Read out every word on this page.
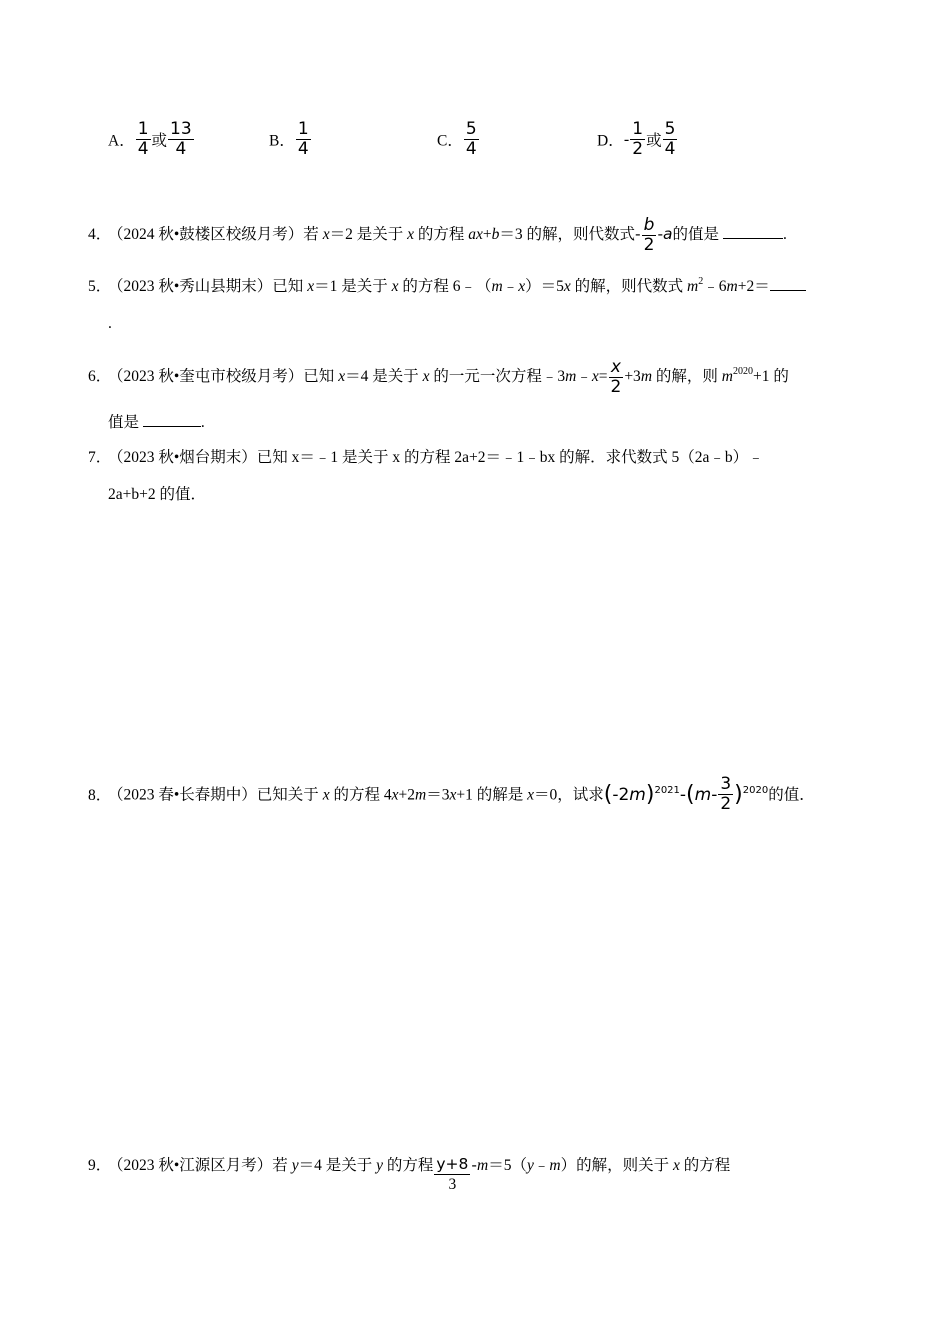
A． $\frac{1}{4}$ 或 $\frac{13}{4}$	B． $\frac{1}{4}$	C． $\frac{5}{4}$	D．- $\frac{1}{2}$ 或 $\frac{5}{4}$
4．（2024 秋•鼓楼区校级月考）若 x＝2 是关于 x 的方程 ax+b＝3 的解，则代数式- $\frac{b}{2} -a$的值是	.
5．（2023 秋•秀山县期末）已知 x＝1 是关于 x 的方程 6﹣（m﹣x）＝5x 的解，则代数式 $m^2﹣6m+2=$
.
6．（2023 秋•奎屯市校级月考）已知 x＝4 是关于 x 的一元一次方程﹣3m﹣x= $\frac{x}{2} +3m$ 的解，则 $m^{2020}+1$ 的
值是	.
7．（2023 秋•烟台期末）已知 x＝﹣1 是关于 x 的方程 2a+2＝﹣1﹣bx 的解．求代数式 5（2a﹣b）﹣
2a+b+2 的值．
8．（2023 春•长春期中）已知关于 x 的方程 4x+2m＝3x+1 的解是 x＝0，试求$(-2m)^{2021}-(m- \frac{3}{2} )^{2020}$的值．
9．（2023 秋•江源区月考）若 y＝4 是关于 y 的方程 $\frac{y+8}{3}$ -m＝5（y﹣m）的解，则关于 x 的方程
